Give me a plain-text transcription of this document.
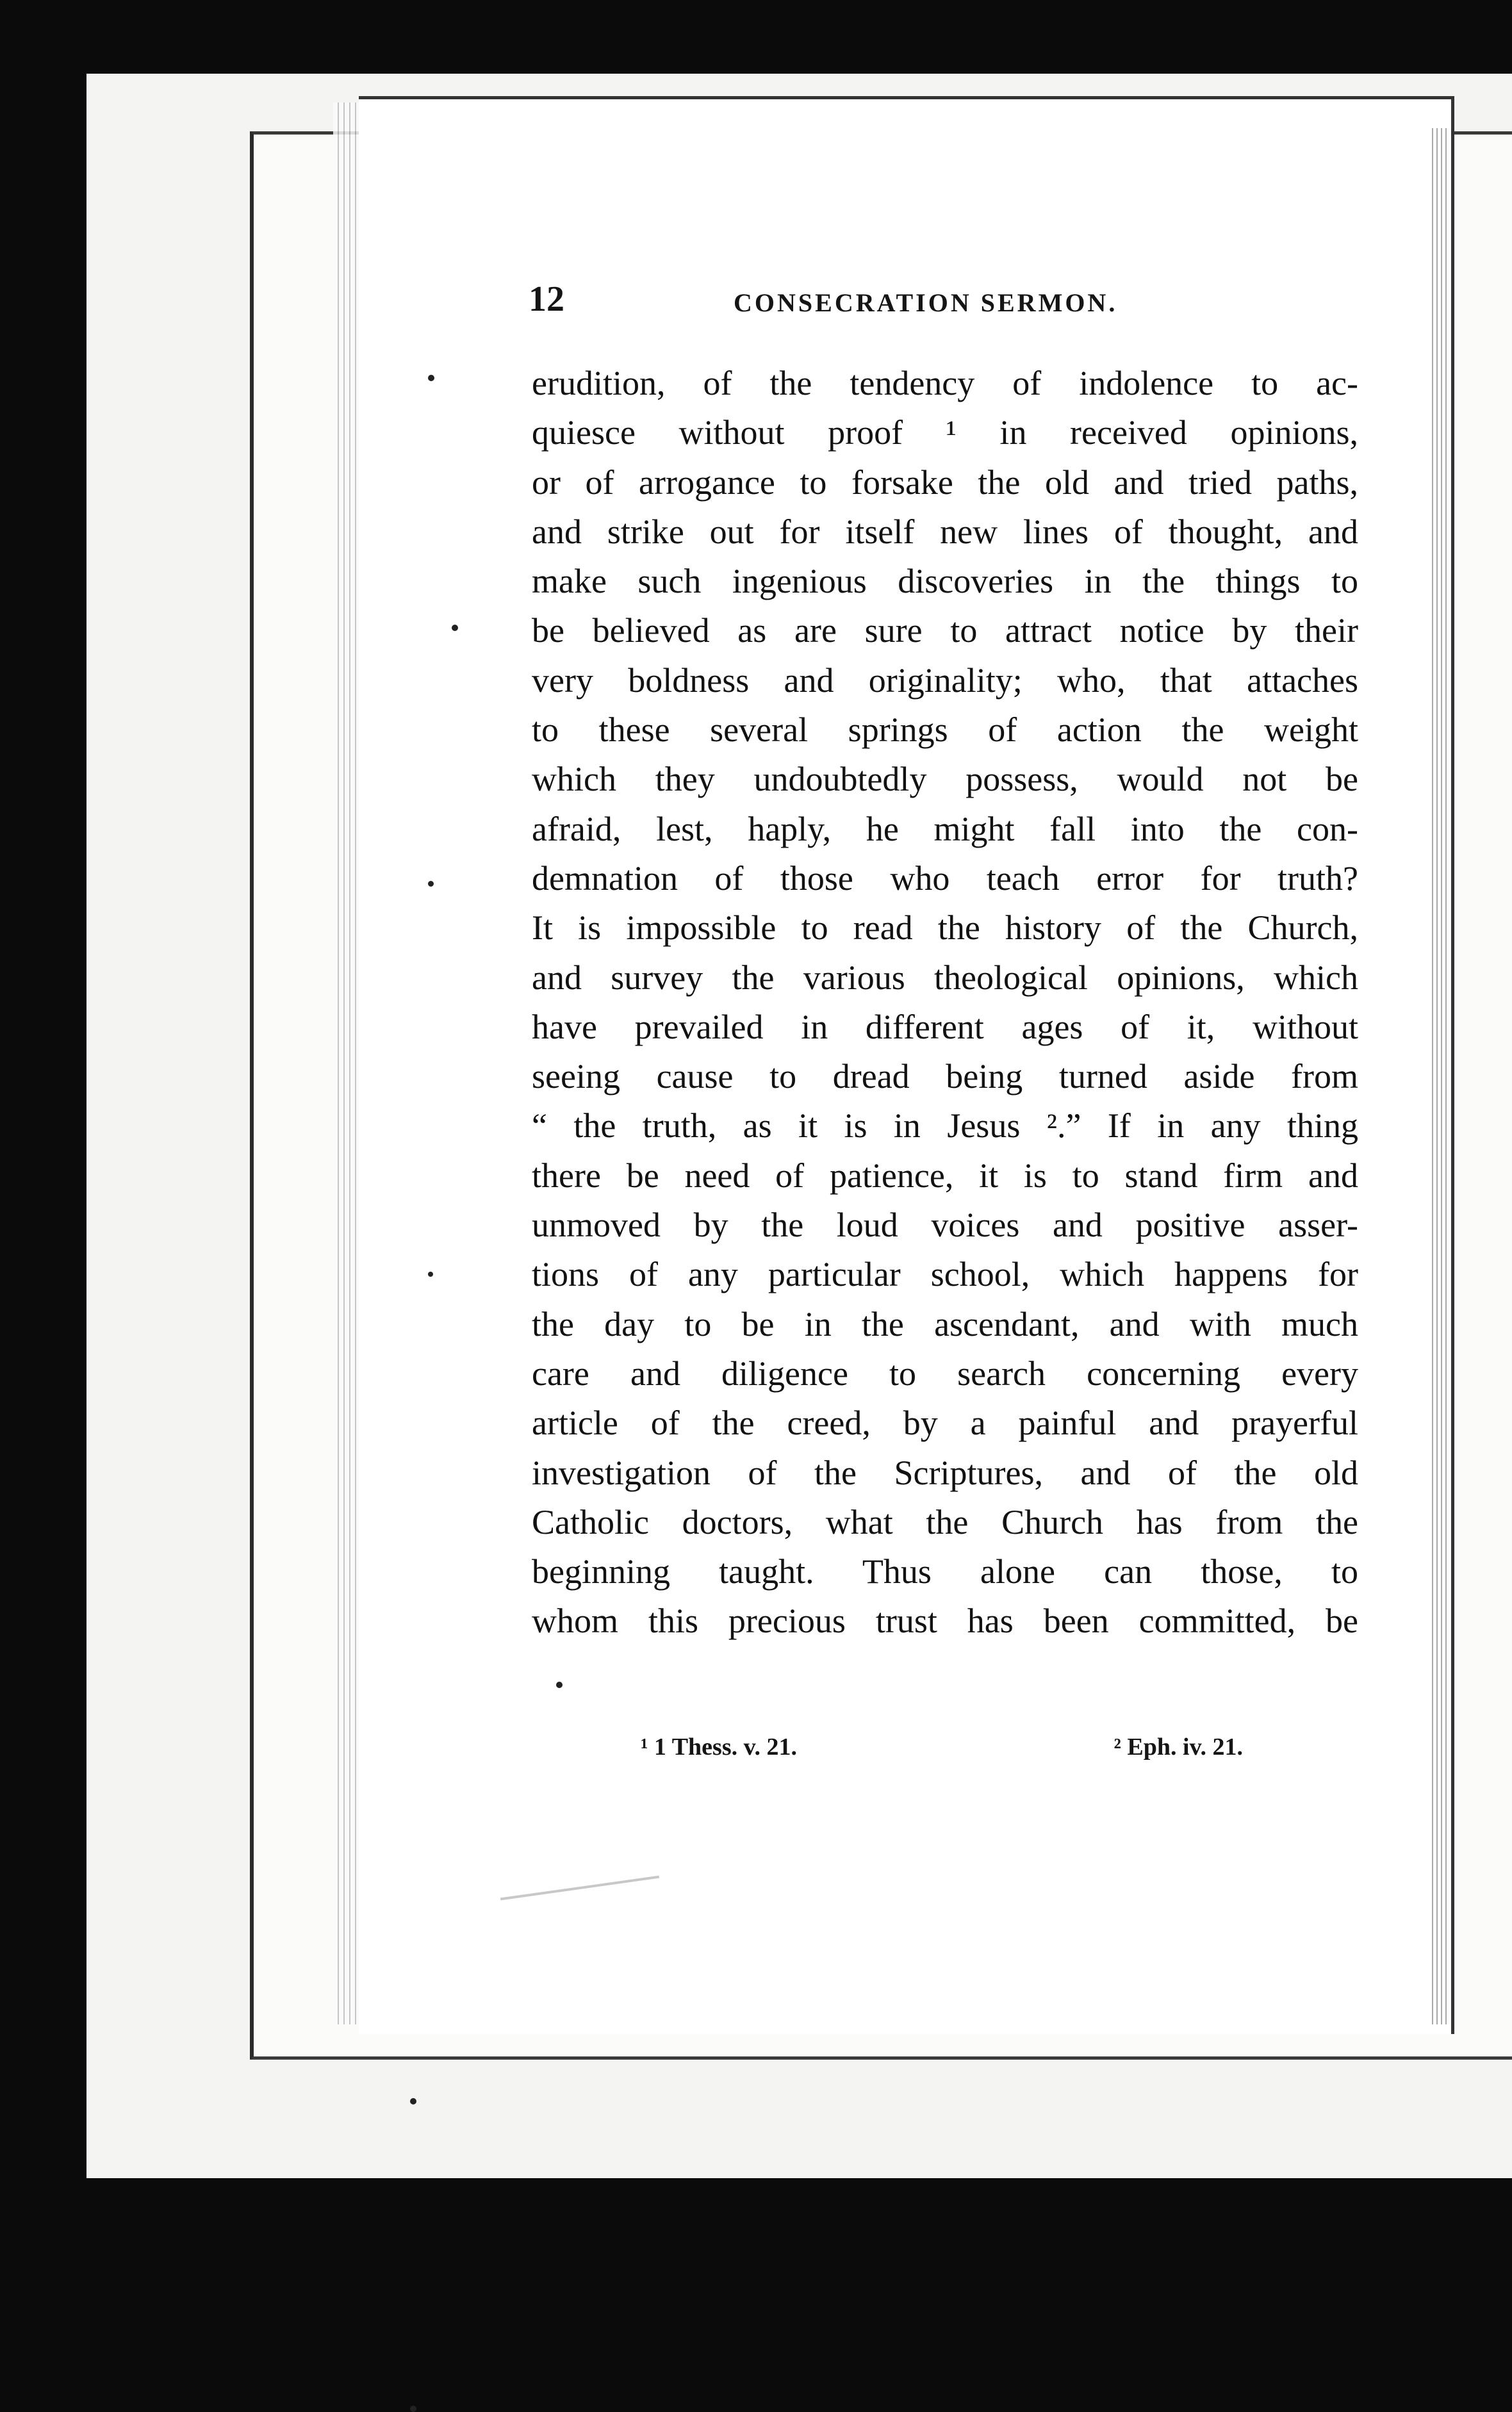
12	CONSECRATION SERMON.
erudition, of the tendency of indolence to ac-
quiesce without proof ¹ in received opinions,
or of arrogance to forsake the old and tried paths,
and strike out for itself new lines of thought, and
make such ingenious discoveries in the things to
be believed as are sure to attract notice by their
very boldness and originality; who, that attaches
to these several springs of action the weight
which they undoubtedly possess, would not be
afraid, lest, haply, he might fall into the con-
demnation of those who teach error for truth?
It is impossible to read the history of the Church,
and survey the various theological opinions, which
have prevailed in different ages of it, without
seeing cause to dread being turned aside from
“ the truth, as it is in Jesus ².” If in any thing
there be need of patience, it is to stand firm and
unmoved by the loud voices and positive asser-
tions of any particular school, which happens for
the day to be in the ascendant, and with much
care and diligence to search concerning every
article of the creed, by a painful and prayerful
investigation of the Scriptures, and of the old
Catholic doctors, what the Church has from the
beginning taught. Thus alone can those, to
whom this precious trust has been committed, be
¹ 1 Thess. v. 21.	² Eph. iv. 21.
